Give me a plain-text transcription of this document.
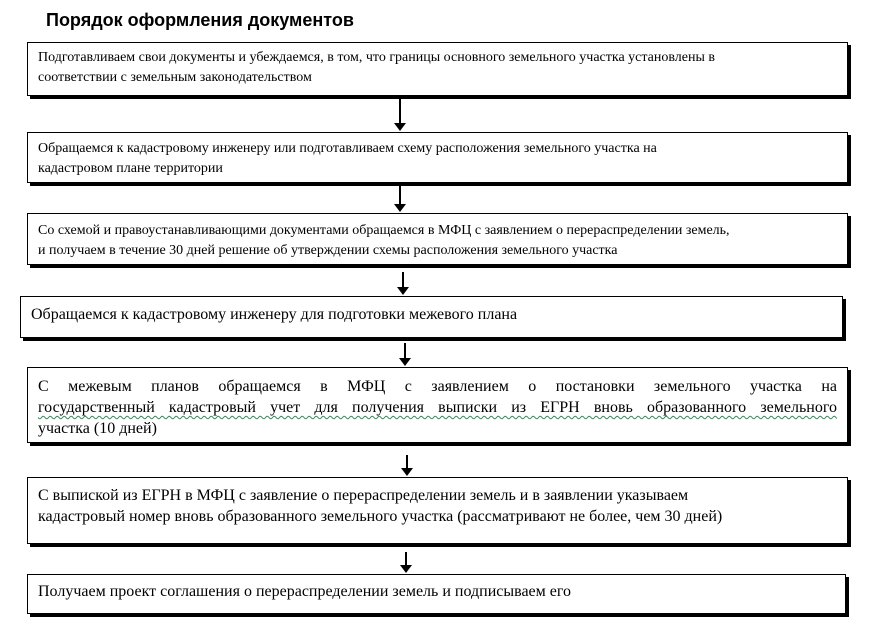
Порядок оформления документов
Подготавливаем свои документы и убеждаемся, в том, что границы основного земельного участка установлены в
соответствии с земельным законодательством
Обращаемся к кадастровому инженеру или подготавливаем схему расположения земельного участка на
кадастровом плане территории
Со схемой и правоустанавливающими документами обращаемся в МФЦ с заявлением о перераспределении земель,
и получаем в течение 30 дней решение об утверждении схемы расположения земельного участка
Обращаемся к кадастровому инженеру для подготовки межевого плана
С межевым планов обращаемся в МФЦ с заявлением о постановки земельного участка на
государственный кадастровый учет для получения выписки из ЕГРН вновь образованного земельного
участка (10 дней)
С выпиской из ЕГРН в МФЦ с заявление о перераспределении земель и в заявлении указываем
кадастровый номер вновь образованного земельного участка (рассматривают не более, чем 30 дней)
Получаем проект соглашения о перераспределении земель и подписываем его
